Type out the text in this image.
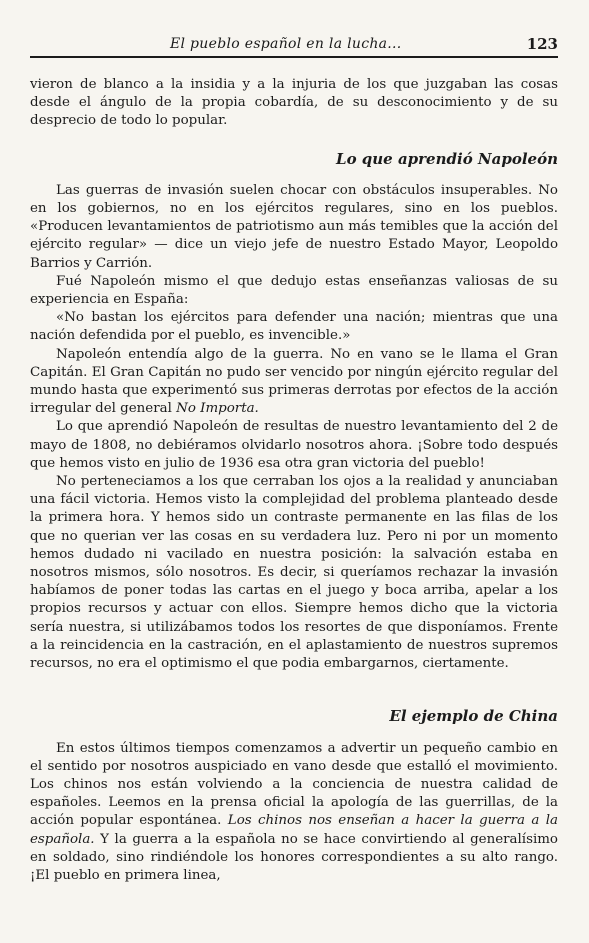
El pueblo español en la lucha...	123

vieron de blanco a la insidia y a la injuria de los que juzgaban las cosas desde el ángulo de la propia cobardía, de su desconocimiento y de su desprecio de todo lo popular.

Lo que aprendió Napoleón

Las guerras de invasión suelen chocar con obstáculos insuperables. No en los gobiernos, no en los ejércitos regulares, sino en los pueblos. «Producen levantamientos de patriotismo aun más temibles que la acción del ejército regular» — dice un viejo jefe de nuestro Estado Mayor, Leopoldo Barrios y Carrión.

Fué Napoleón mismo el que dedujo estas enseñanzas valiosas de su experiencia en España:

«No bastan los ejércitos para defender una nación; mientras que una nación defendida por el pueblo, es invencible.»

Napoleón entendía algo de la guerra. No en vano se le llama el Gran Capitán. El Gran Capitán no pudo ser vencido por ningún ejército regular del mundo hasta que experimentó sus primeras derrotas por efectos de la acción irregular del general No Importa.

Lo que aprendió Napoleón de resultas de nuestro levantamiento del 2 de mayo de 1808, no debiéramos olvidarlo nosotros ahora. ¡Sobre todo después que hemos visto en julio de 1936 esa otra gran victoria del pueblo!

No perteneciamos a los que cerraban los ojos a la realidad y anunciaban una fácil victoria. Hemos visto la complejidad del problema planteado desde la primera hora. Y hemos sido un contraste permanente en las filas de los que no querian ver las cosas en su verdadera luz. Pero ni por un momento hemos dudado ni vacilado en nuestra posición: la salvación estaba en nosotros mismos, sólo nosotros. Es decir, si queríamos rechazar la invasión habíamos de poner todas las cartas en el juego y boca arriba, apelar a los propios recursos y actuar con ellos. Siempre hemos dicho que la victoria sería nuestra, si utilizábamos todos los resortes de que disponíamos. Frente a la reincidencia en la castración, en el aplastamiento de nuestros supremos recursos, no era el optimismo el que podia embargarnos, ciertamente.

El ejemplo de China

En estos últimos tiempos comenzamos a advertir un pequeño cambio en el sentido por nosotros auspiciado en vano desde que estalló el movimiento. Los chinos nos están volviendo a la conciencia de nuestra calidad de españoles. Leemos en la prensa oficial la apología de las guerrillas, de la acción popular espontánea. Los chinos nos enseñan a hacer la guerra a la española. Y la guerra a la española no se hace convirtiendo al generalísimo en soldado, sino rindiéndole los honores correspondientes a su alto rango. ¡El pueblo en primera linea,
